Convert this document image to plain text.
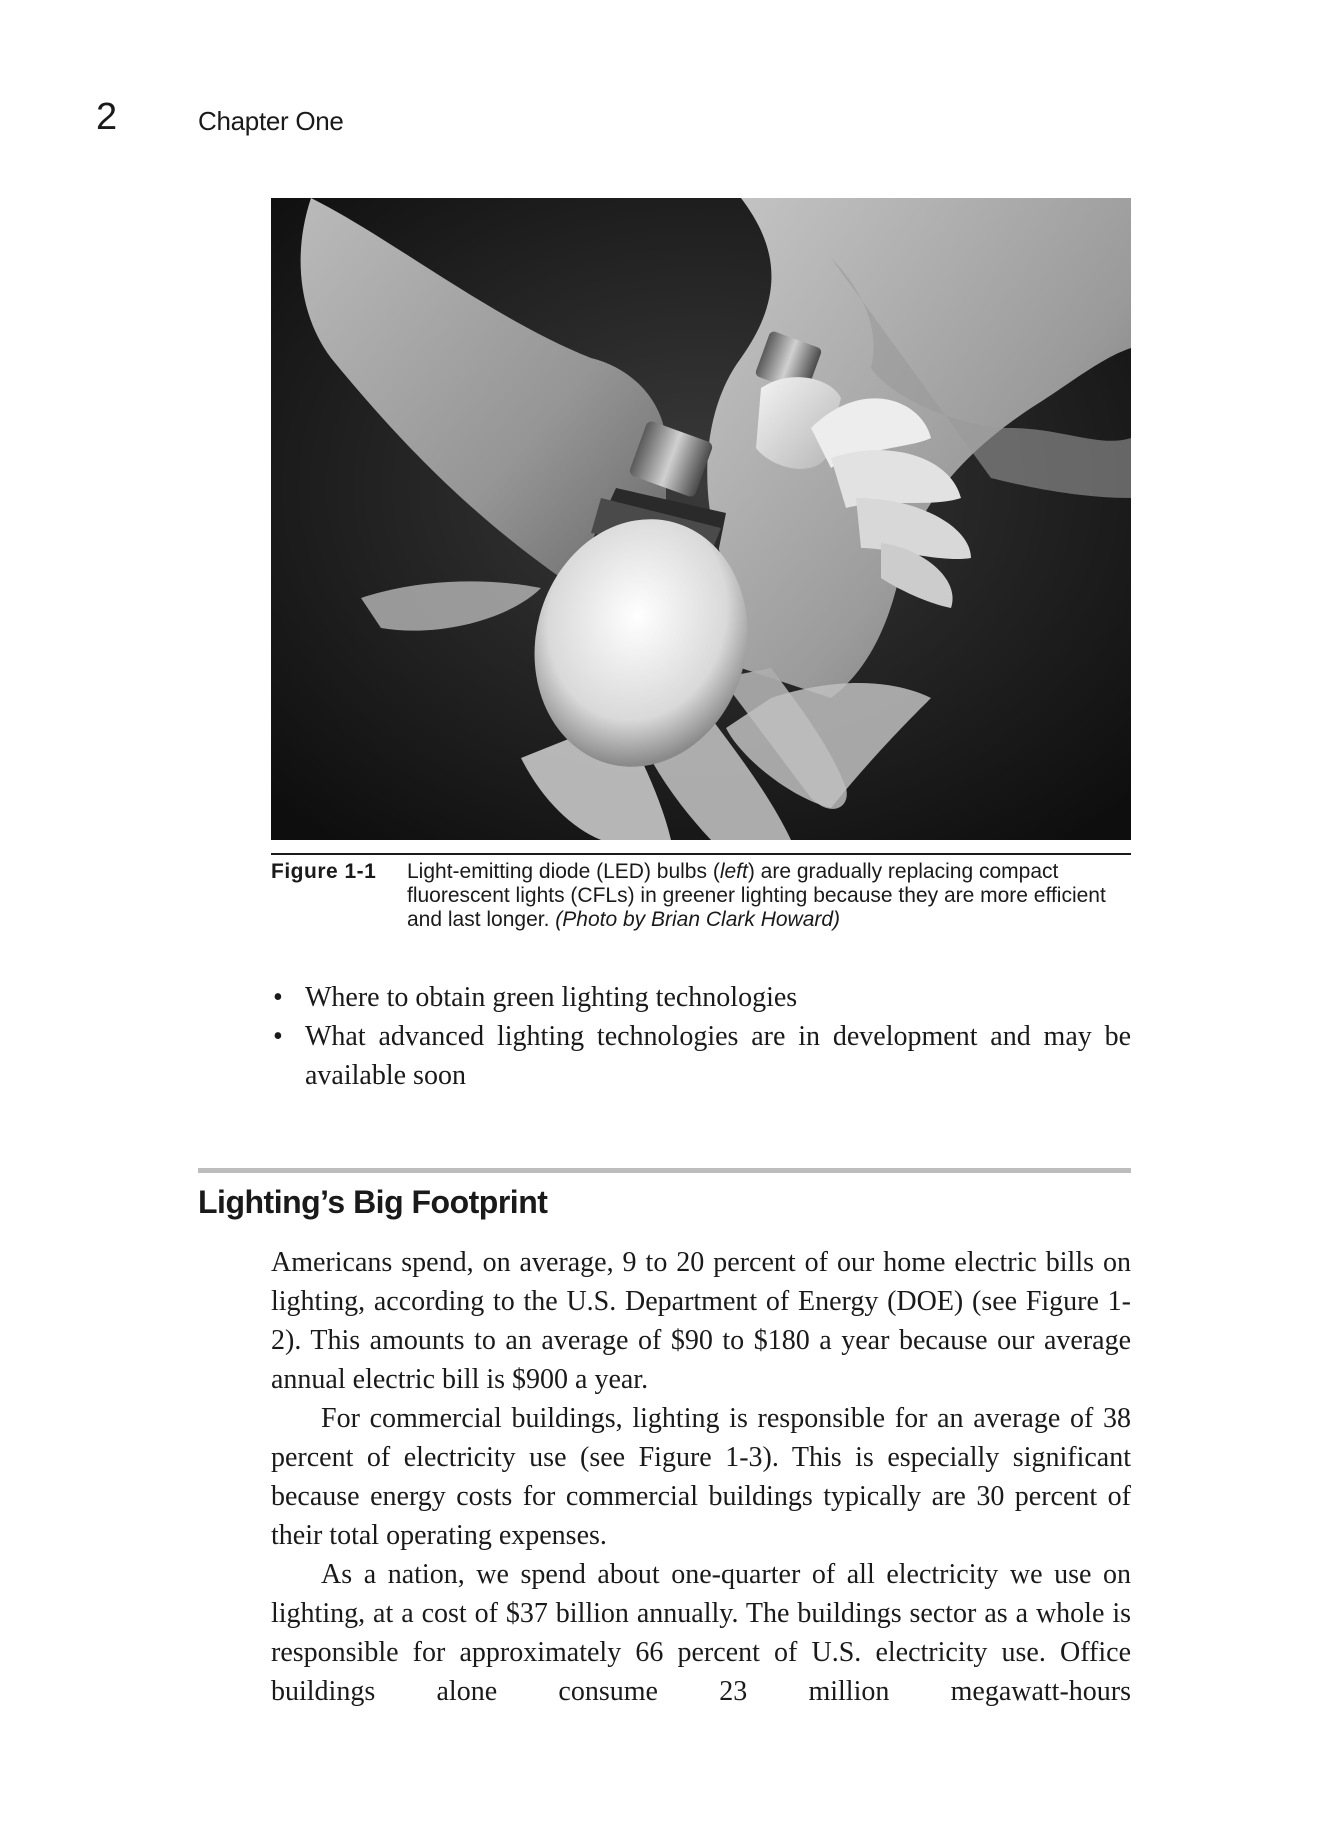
2	Chapter One
Figure 1-1 Light-emitting diode (LED) bulbs (left) are gradually replacing compact fluorescent lights (CFLs) in greener lighting because they are more efficient and last longer. (Photo by Brian Clark Howard)
• Where to obtain green lighting technologies
• What advanced lighting technologies are in development and may be available soon
Lighting’s Big Footprint

Americans spend, on average, 9 to 20 percent of our home electric bills on lighting, according to the U.S. Department of Energy (DOE) (see Figure 1-2). This amounts to an average of $90 to $180 a year because our average annual electric bill is $900 a year.

For commercial buildings, lighting is responsible for an average of 38 percent of electricity use (see Figure 1-3). This is especially significant because energy costs for commercial buildings typically are 30 percent of their total operating expenses.

As a nation, we spend about one-quarter of all electricity we use on lighting, at a cost of $37 billion annually. The buildings sector as a whole is responsible for approximately 66 percent of U.S. electricity use. Office buildings alone consume 23 million megawatt-hours
